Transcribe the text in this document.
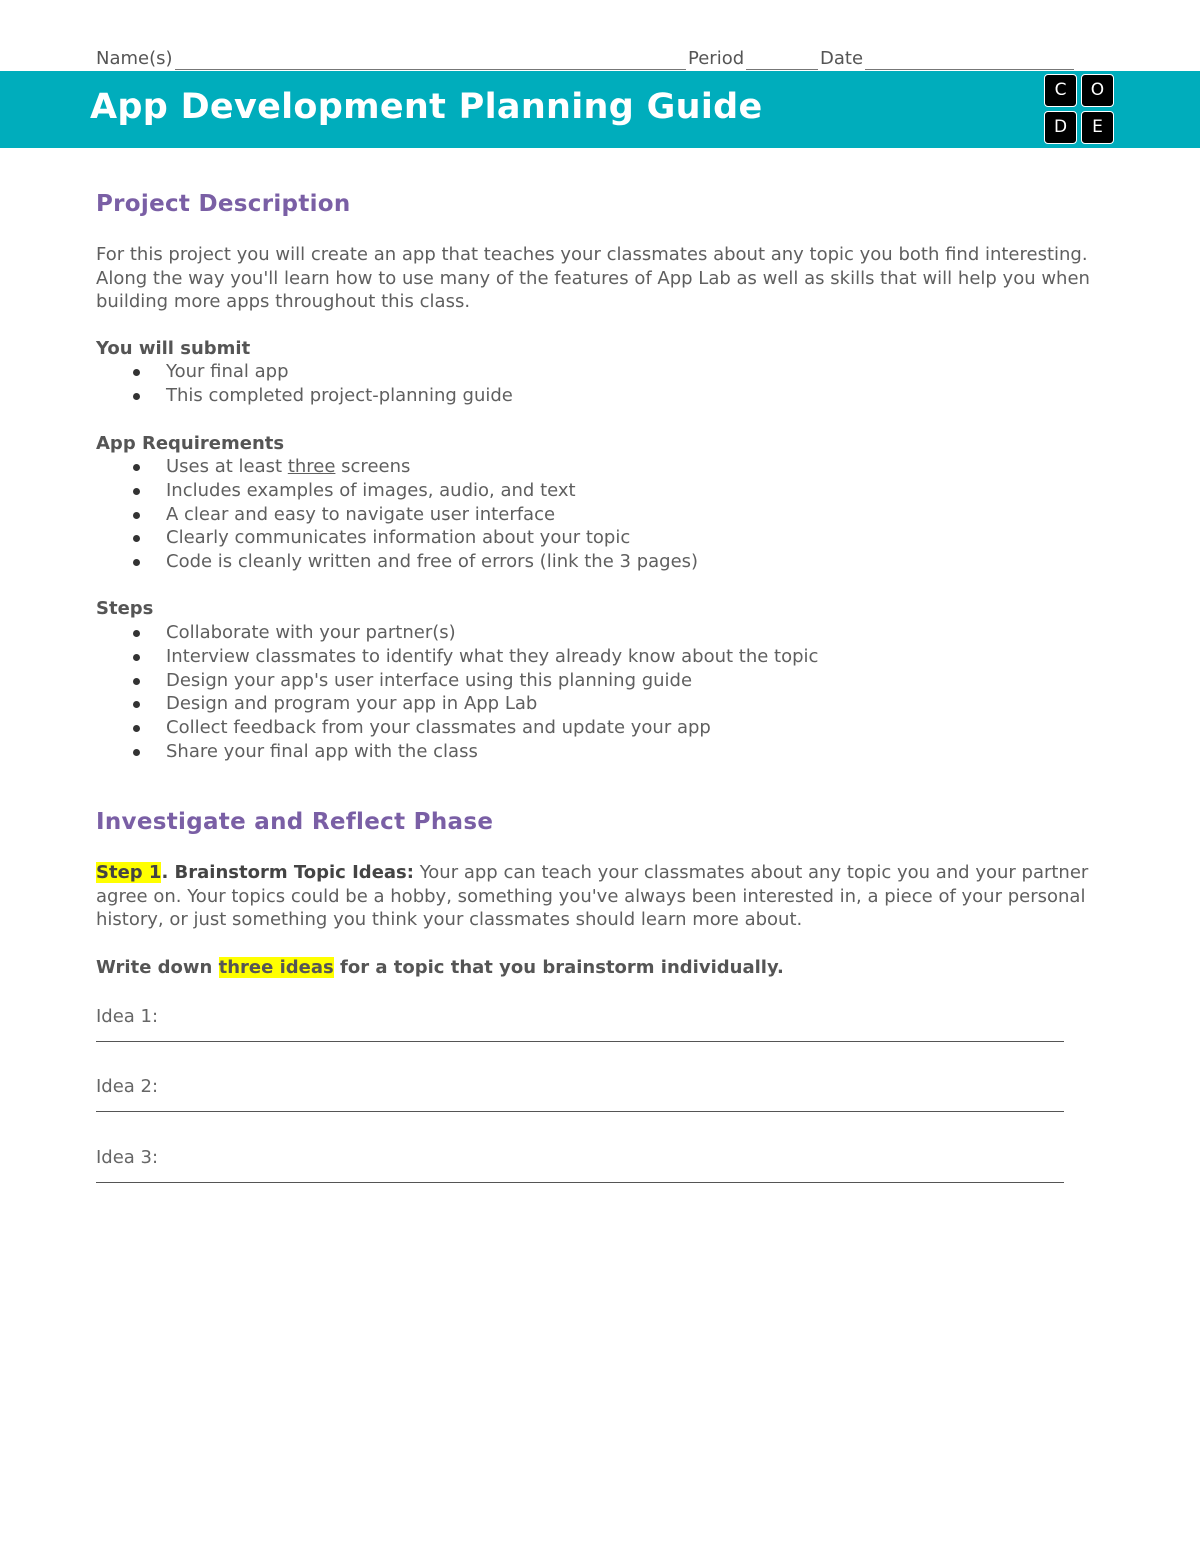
Name(s)	Period	Date
App Development Planning Guide	C	O
D	E
Project Description

For this project you will create an app that teaches your classmates about any topic you both find interesting. Along the way you'll learn how to use many of the features of App Lab as well as skills that will help you when building more apps throughout this class.

You will submit
Your final app
This completed project-planning guide
App Requirements
Uses at least three screens
Includes examples of images, audio, and text
A clear and easy to navigate user interface
Clearly communicates information about your topic
Code is cleanly written and free of errors (link the 3 pages)
Steps
Collaborate with your partner(s)
Interview classmates to identify what they already know about the topic
Design your app's user interface using this planning guide
Design and program your app in App Lab
Collect feedback from your classmates and update your app
Share your final app with the class
Investigate and Reflect Phase

Step 1. Brainstorm Topic Ideas: Your app can teach your classmates about any topic you and your partner agree on. Your topics could be a hobby, something you've always been interested in, a piece of your personal history, or just something you think your classmates should learn more about.

Write down three ideas for a topic that you brainstorm individually.
Idea 1:
Idea 2:
Idea 3:
